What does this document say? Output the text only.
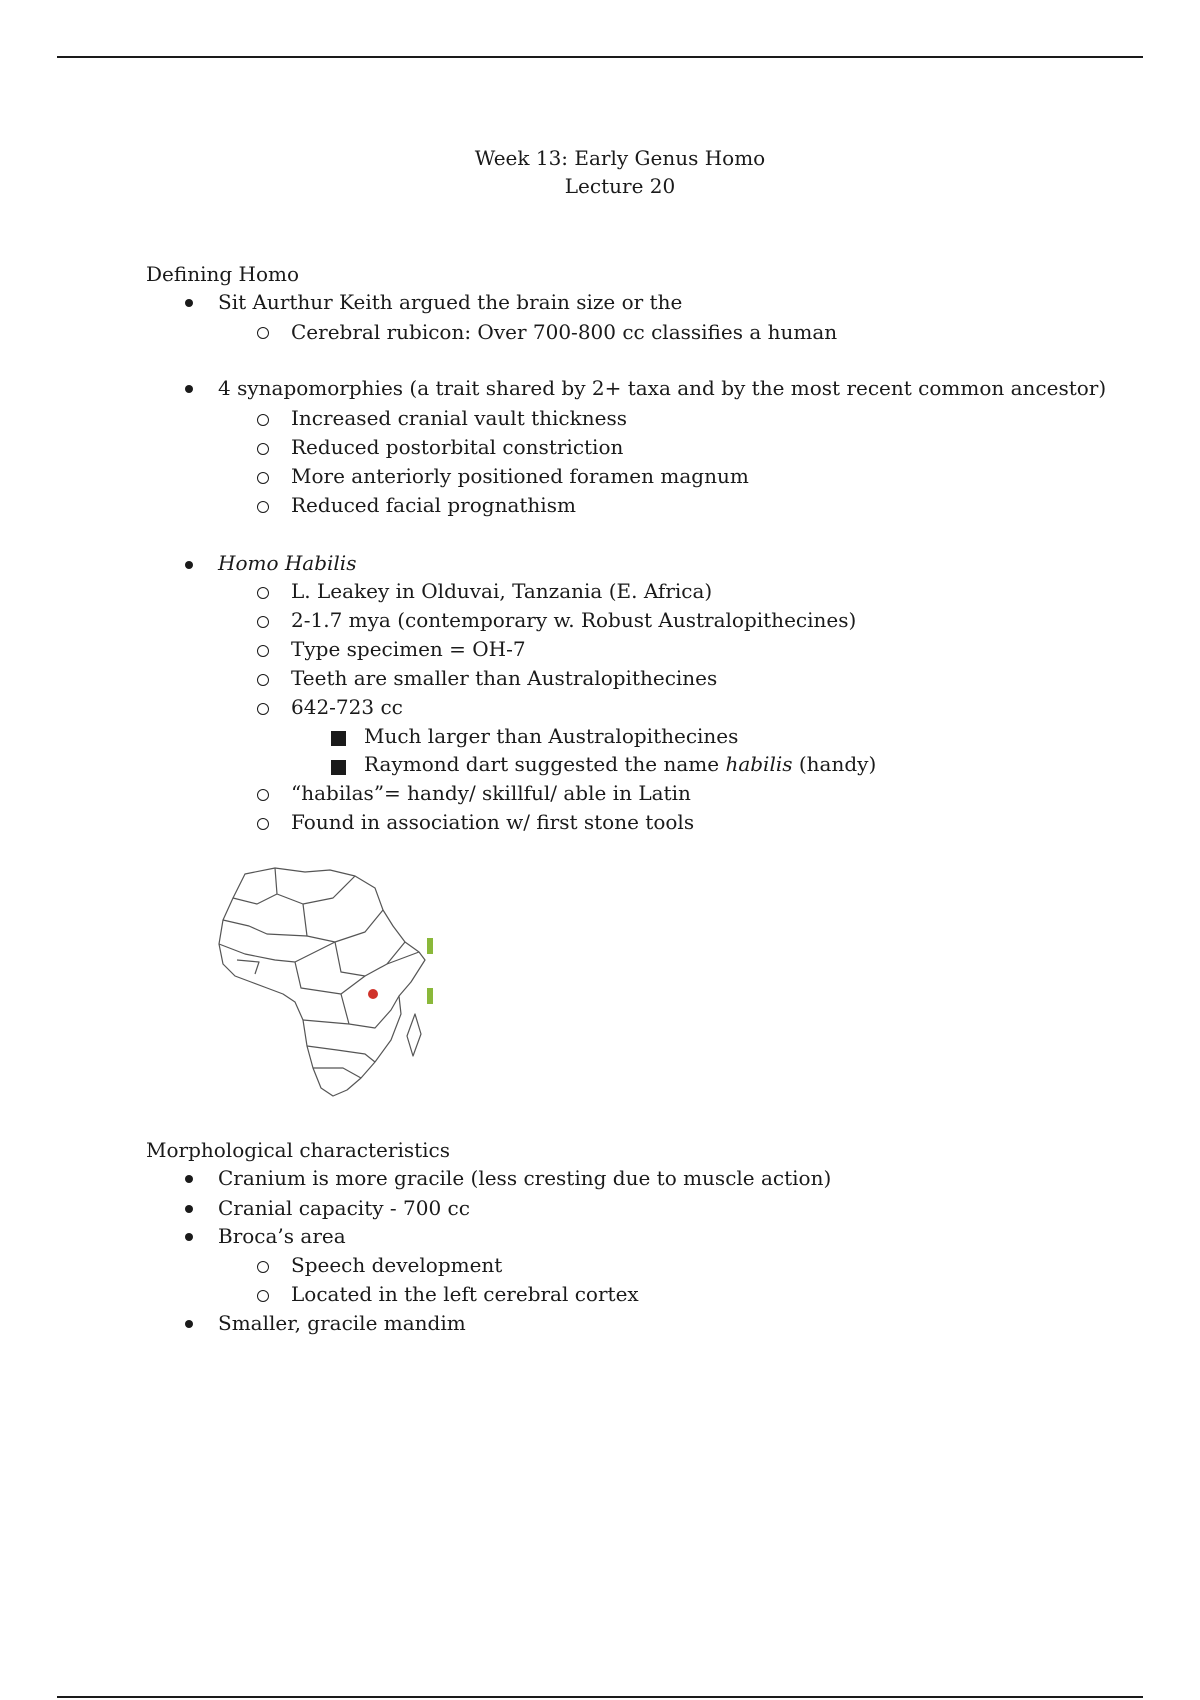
Week 13: Early Genus Homo
Lecture 20
Defining Homo
Sit Aurthur Keith argued the brain size or the
Cerebral rubicon: Over 700-800 cc classifies a human
4 synapomorphies (a trait shared by 2+ taxa and by the most recent common ancestor)
Increased cranial vault thickness
Reduced postorbital constriction
More anteriorly positioned foramen magnum
Reduced facial prognathism
Homo Habilis
L. Leakey in Olduvai, Tanzania (E. Africa)
2-1.7 mya (contemporary w. Robust Australopithecines)
Type specimen = OH-7
Teeth are smaller than Australopithecines
642-723 cc
Much larger than Australopithecines
Raymond dart suggested the name habilis (handy)
“habilas”= handy/ skillful/ able in Latin
Found in association w/ first stone tools
Morphological characteristics
Cranium is more gracile (less cresting due to muscle action)
Cranial capacity - 700 cc
Broca’s area
Speech development
Located in the left cerebral cortex
Smaller, gracile mandim
